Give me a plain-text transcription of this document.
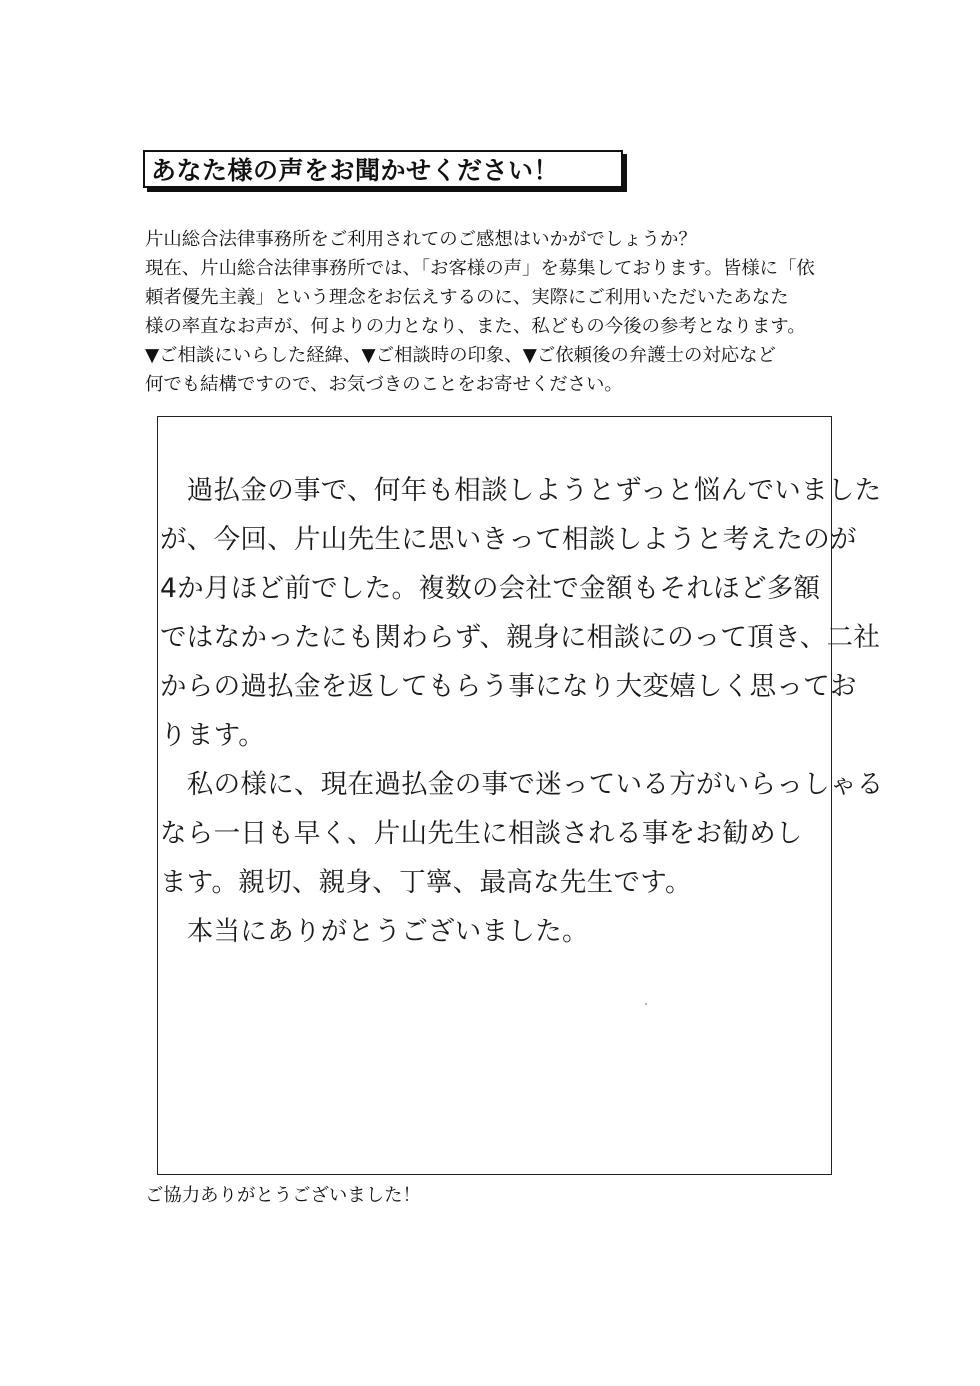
あなた様の声をお聞かせください！
片山総合法律事務所をご利用されてのご感想はいかがでしょうか？
現在、片山総合法律事務所では、「お客様の声」を募集しております。皆様に「依
頼者優先主義」という理念をお伝えするのに、実際にご利用いただいたあなた
様の率直なお声が、何よりの力となり、また、私どもの今後の参考となります。
▼ご相談にいらした経緯、▼ご相談時の印象、▼ご依頼後の弁護士の対応など
何でも結構ですので、お気づきのことをお寄せください。
　過払金の事で、何年も相談しようとずっと悩んでいました
が、今回、片山先生に思いきって相談しようと考えたのが
4か月ほど前でした。複数の会社で金額もそれほど多額
ではなかったにも関わらず、親身に相談にのって頂き、二社
からの過払金を返してもらう事になり大変嬉しく思ってお
ります。
　私の様に、現在過払金の事で迷っている方がいらっしゃる
なら一日も早く、片山先生に相談される事をお勧めし
ます。親切、親身、丁寧、最高な先生です。
　本当にありがとうございました。
ご協力ありがとうございました！
